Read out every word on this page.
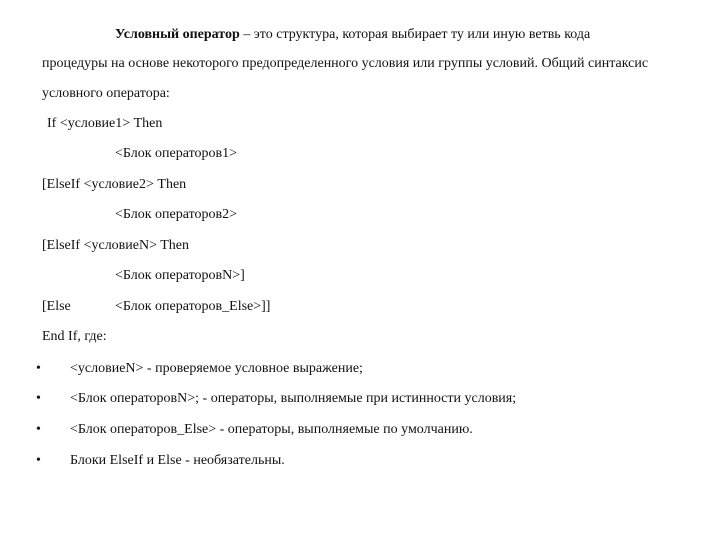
Условный оператор – это структура, которая выбирает ту или иную ветвь кода
процедуры на основе некоторого предопределенного условия или группы условий. Общий синтаксис
условного оператора:
If <условие1> Then
<Блок операторов1>
[ElseIf <условие2> Then
<Блок операторов2>
[ElseIf <условиеN> Then
<Блок операторовN>]
[Else	<Блок операторов_Else>]]
End If, где:
• <условиеN> - проверяемое условное выражение;
• <Блок операторовN>; - операторы, выполняемые при истинности условия;
• <Блок операторов_Else> - операторы, выполняемые по умолчанию.
• Блоки ElseIf и Else - необязательны.
